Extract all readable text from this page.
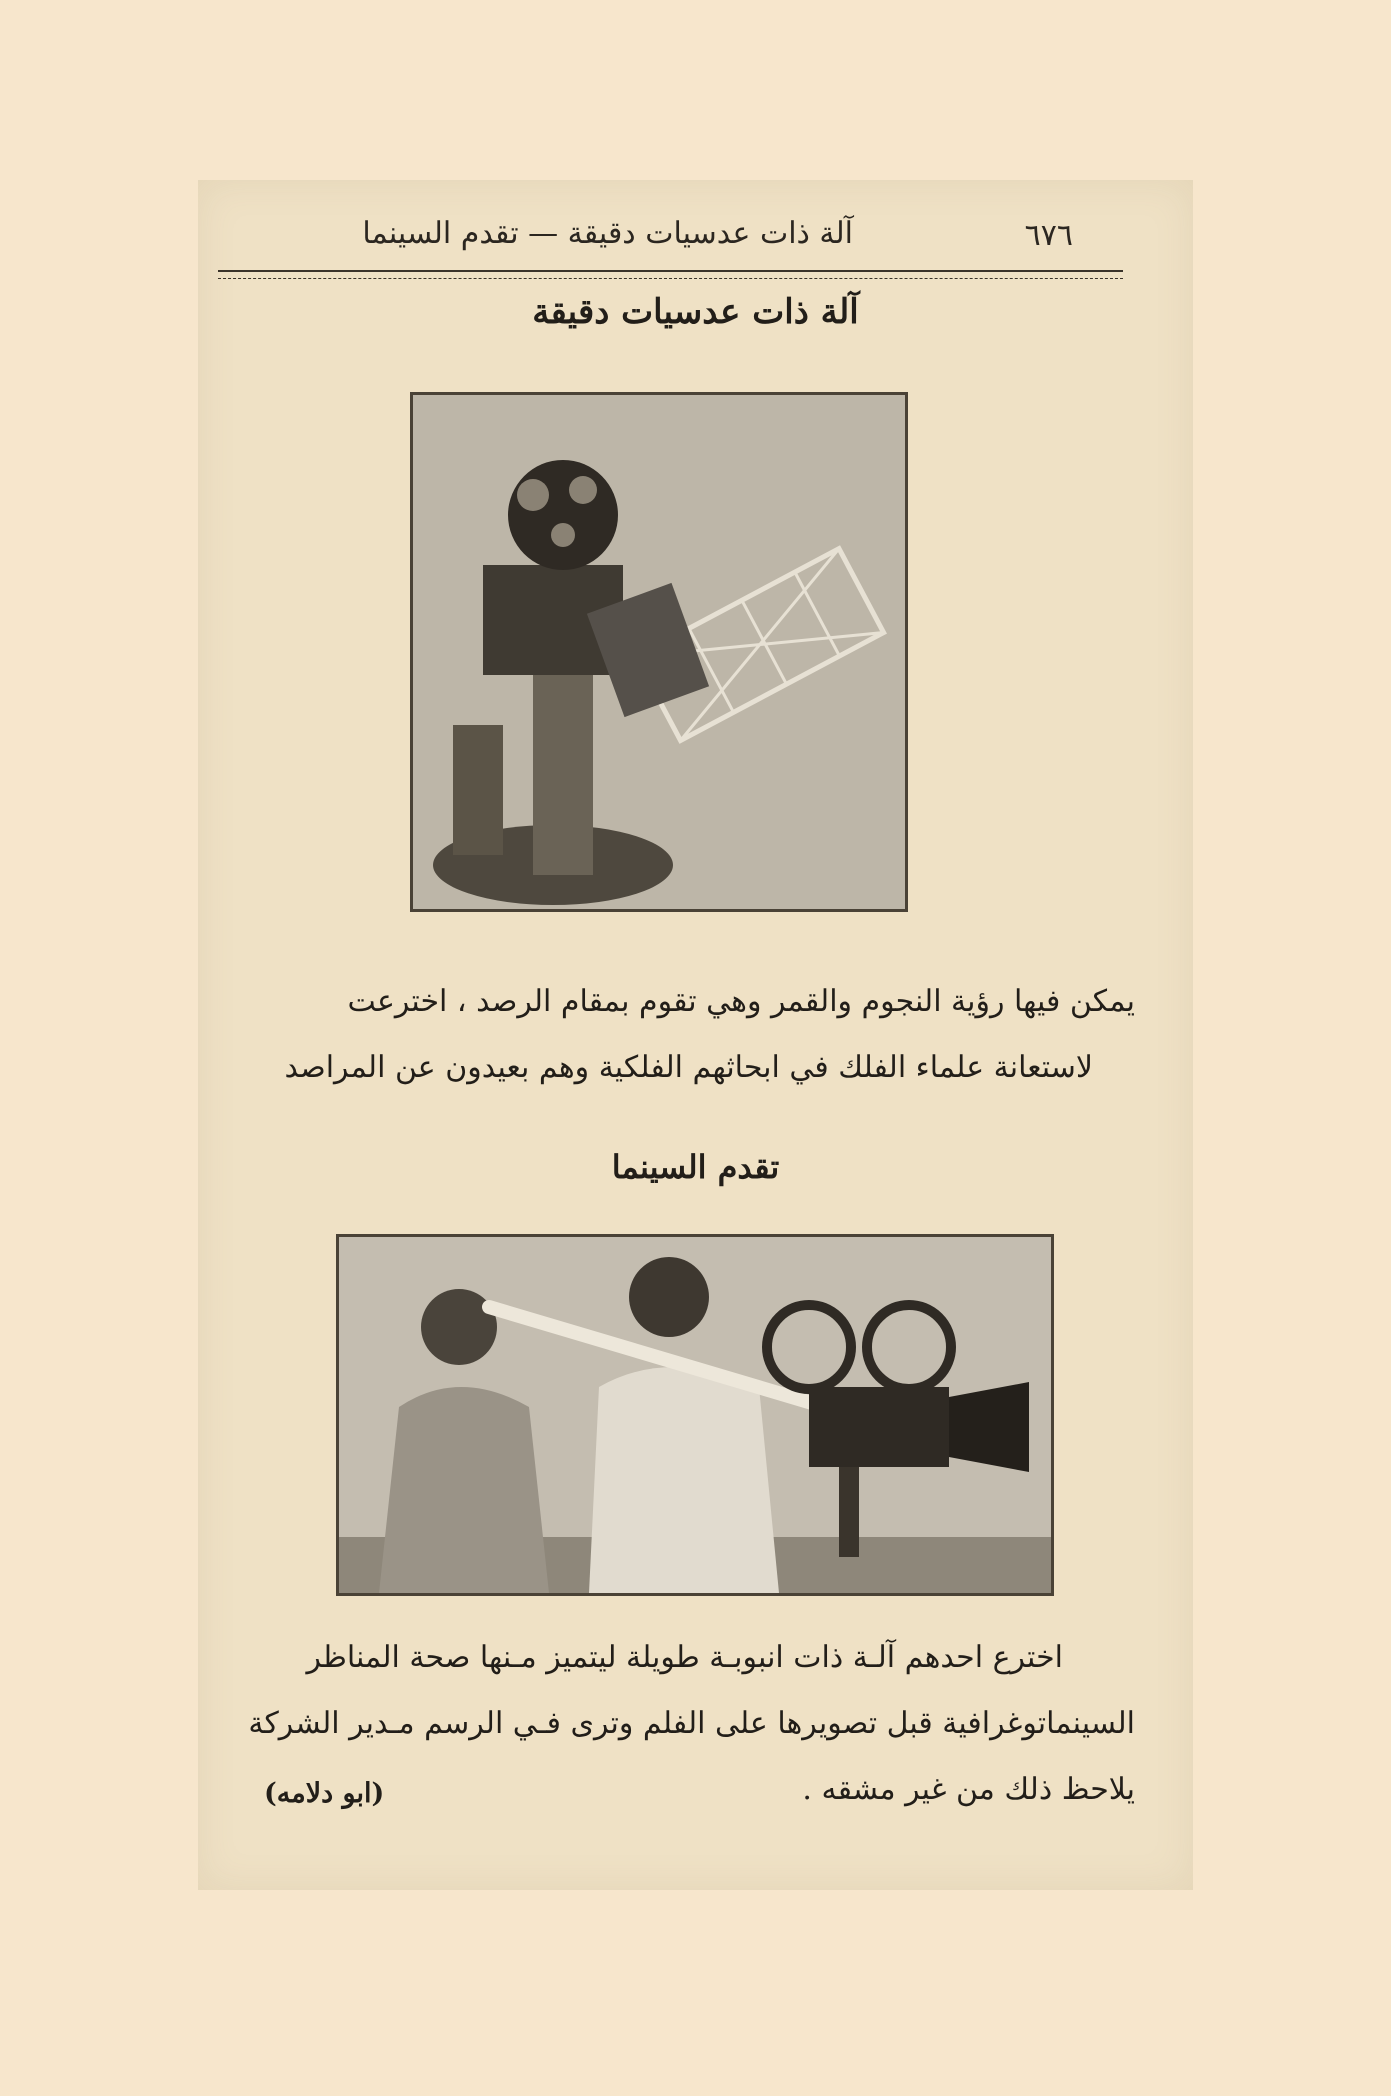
٦٧٦
آلة ذات عدسيات دقيقة — تقدم السينما
آلة ذات عدسيات دقيقة
يمكن فيها رؤية النجوم والقمر وهي تقوم بمقام الرصد ، اخترعت
لاستعانة علماء الفلك في ابحاثهم الفلكية وهم بعيدون عن المراصد
تقدم السينما
اخترع احدهم آلـة ذات انبوبـة طويلة ليتميز مـنها صحة المناظر
السينماتوغرافية قبل تصويرها على الفلم وترى فـي الرسم مـدير الشركة
يلاحظ ذلك من غير مشقه .
(ابو دلامه)
